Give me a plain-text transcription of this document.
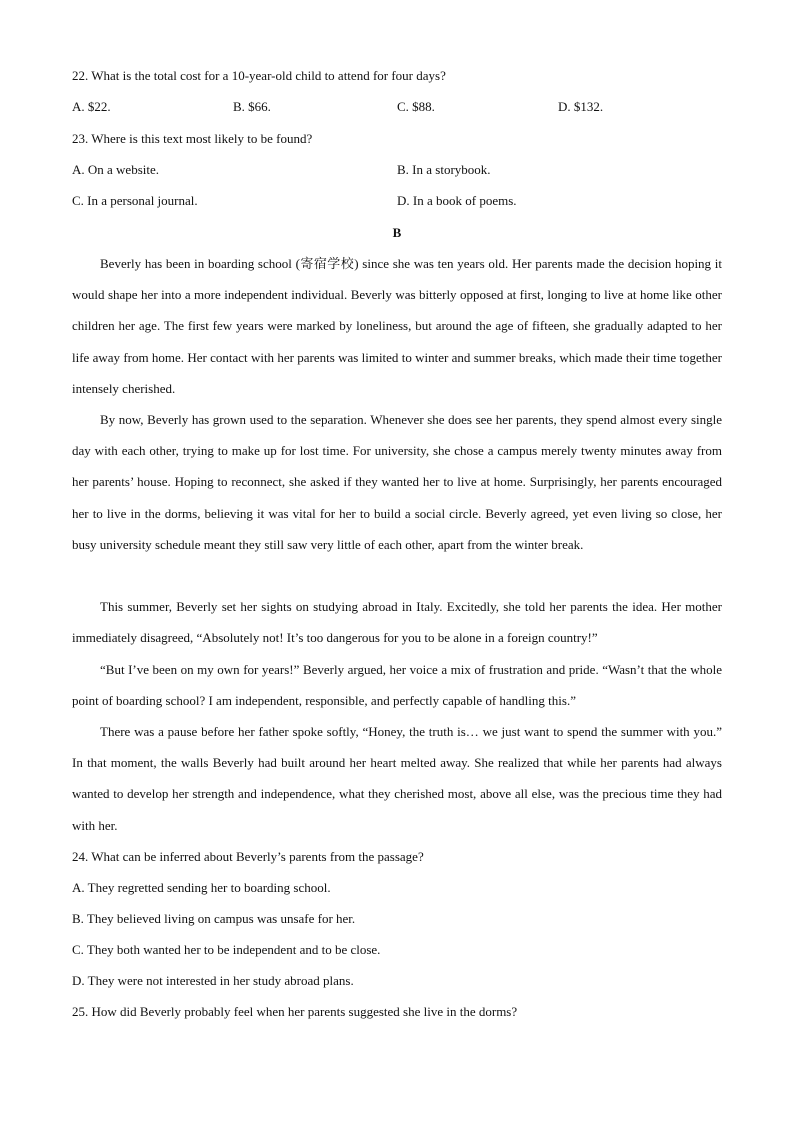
22. What is the total cost for a 10-year-old child to attend for four days?
A. $22.	B. $66.	C. $88.	D. $132.
23. Where is this text most likely to be found?
A. On a website.	B. In a storybook.
C. In a personal journal.	D. In a book of poems.
B

Beverly has been in boarding school (寄宿学校) since she was ten years old. Her parents made the decision hoping it would shape her into a more independent individual. Beverly was bitterly opposed at first, longing to live at home like other children her age. The first few years were marked by loneliness, but around the age of fifteen, she gradually adapted to her life away from home. Her contact with her parents was limited to winter and summer breaks, which made their time together intensely cherished.

By now, Beverly has grown used to the separation. Whenever she does see her parents, they spend almost every single day with each other, trying to make up for lost time. For university, she chose a campus merely twenty minutes away from her parents’ house. Hoping to reconnect, she asked if they wanted her to live at home. Surprisingly, her parents encouraged her to live in the dorms, believing it was vital for her to build a social circle. Beverly agreed, yet even living so close, her busy university schedule meant they still saw very little of each other, apart from the winter break.

This summer, Beverly set her sights on studying abroad in Italy. Excitedly, she told her parents the idea. Her mother immediately disagreed, “Absolutely not! It’s too dangerous for you to be alone in a foreign country!”

“But I’ve been on my own for years!” Beverly argued, her voice a mix of frustration and pride. “Wasn’t that the whole point of boarding school? I am independent, responsible, and perfectly capable of handling this.”

There was a pause before her father spoke softly, “Honey, the truth is… we just want to spend the summer with you.” In that moment, the walls Beverly had built around her heart melted away. She realized that while her parents had always wanted to develop her strength and independence, what they cherished most, above all else, was the precious time they had with her.

24. What can be inferred about Beverly’s parents from the passage?
A. They regretted sending her to boarding school.
B. They believed living on campus was unsafe for her.
C. They both wanted her to be independent and to be close.
D. They were not interested in her study abroad plans.
25. How did Beverly probably feel when her parents suggested she live in the dorms?
